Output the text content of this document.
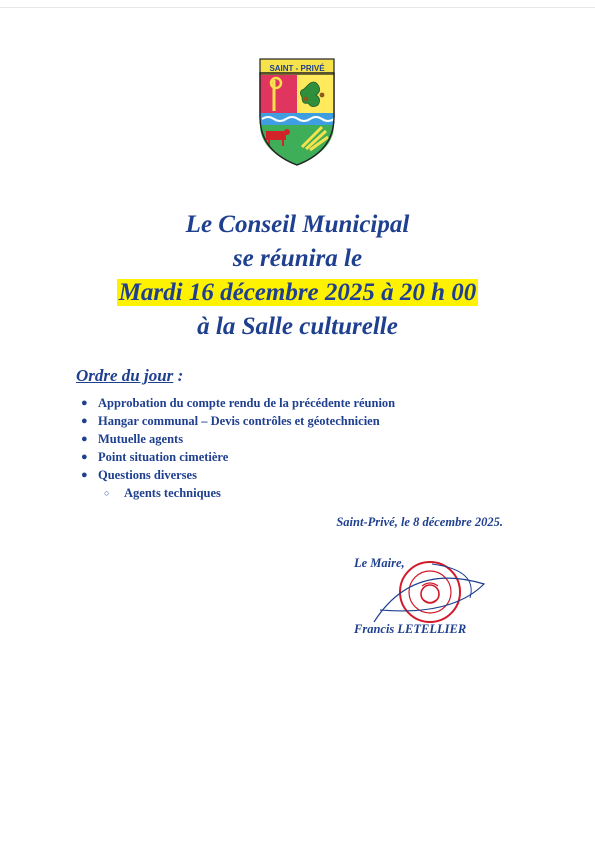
SAINT - PRIVÉ
Le Conseil Municipal
se réunira le
Mardi 16 décembre 2025 à 20 h 00
à la Salle culturelle
Ordre du jour :
● Approbation du compte rendu de la précédente réunion
● Hangar communal – Devis contrôles et géotechnicien
● Mutuelle agents
● Point situation cimetière
● Questions diverses
○ Agents techniques
Saint-Privé, le 8 décembre 2025.
Le Maire,
Francis LETELLIER
